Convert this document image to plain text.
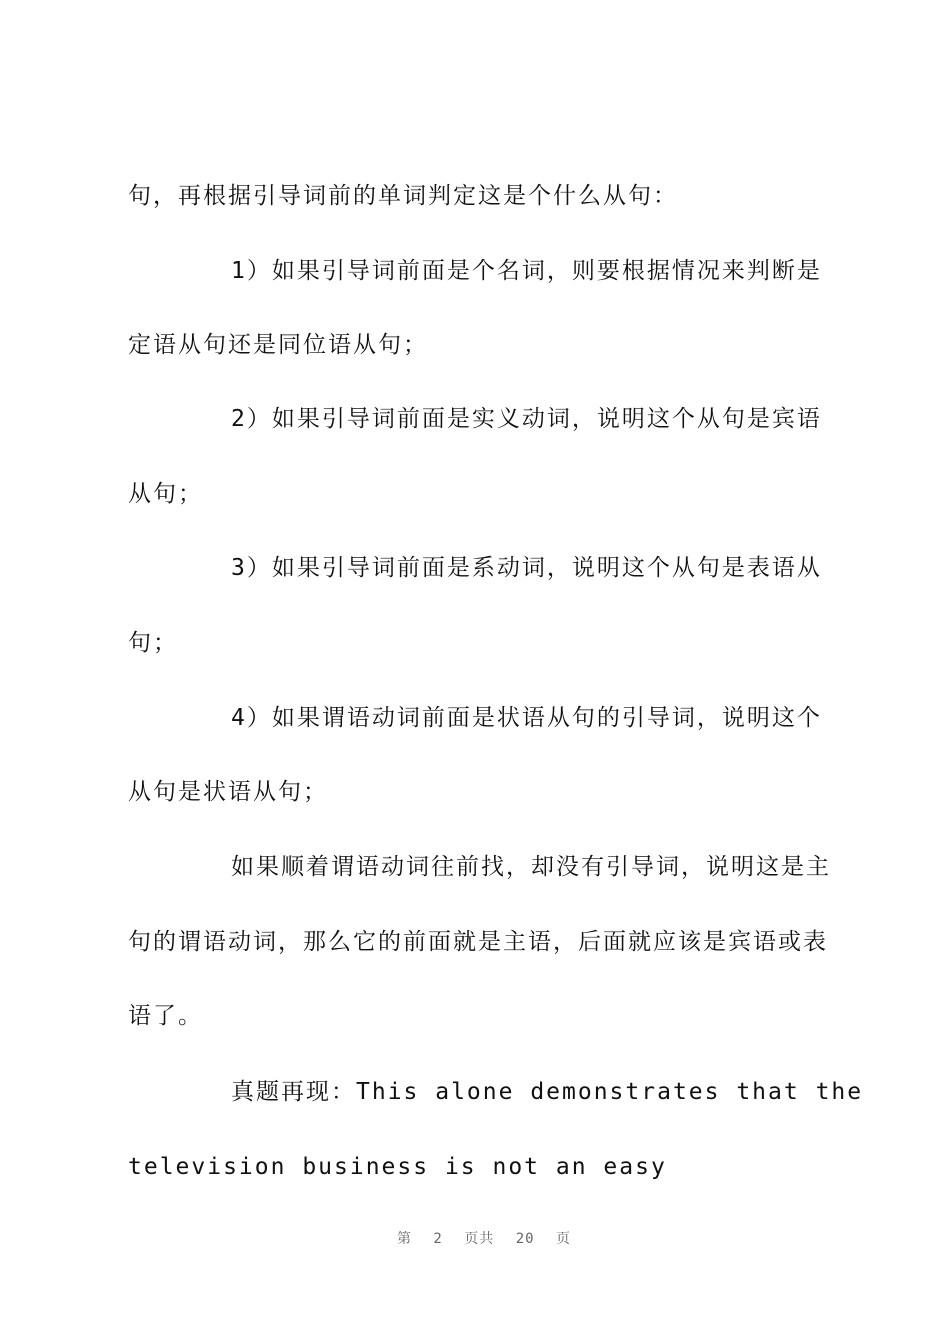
句，再根据引导词前的单词判定这是个什么从句：
1）如果引导词前面是个名词，则要根据情况来判断是
定语从句还是同位语从句；
2）如果引导词前面是实义动词，说明这个从句是宾语
从句；
3）如果引导词前面是系动词，说明这个从句是表语从
句；
4）如果谓语动词前面是状语从句的引导词，说明这个
从句是状语从句；
如果顺着谓语动词往前找，却没有引导词，说明这是主
句的谓语动词，那么它的前面就是主语，后面就应该是宾语或表
语了。
真题再现：This alone demonstrates that the
television business is not an easy
第 2 页共 20 页
